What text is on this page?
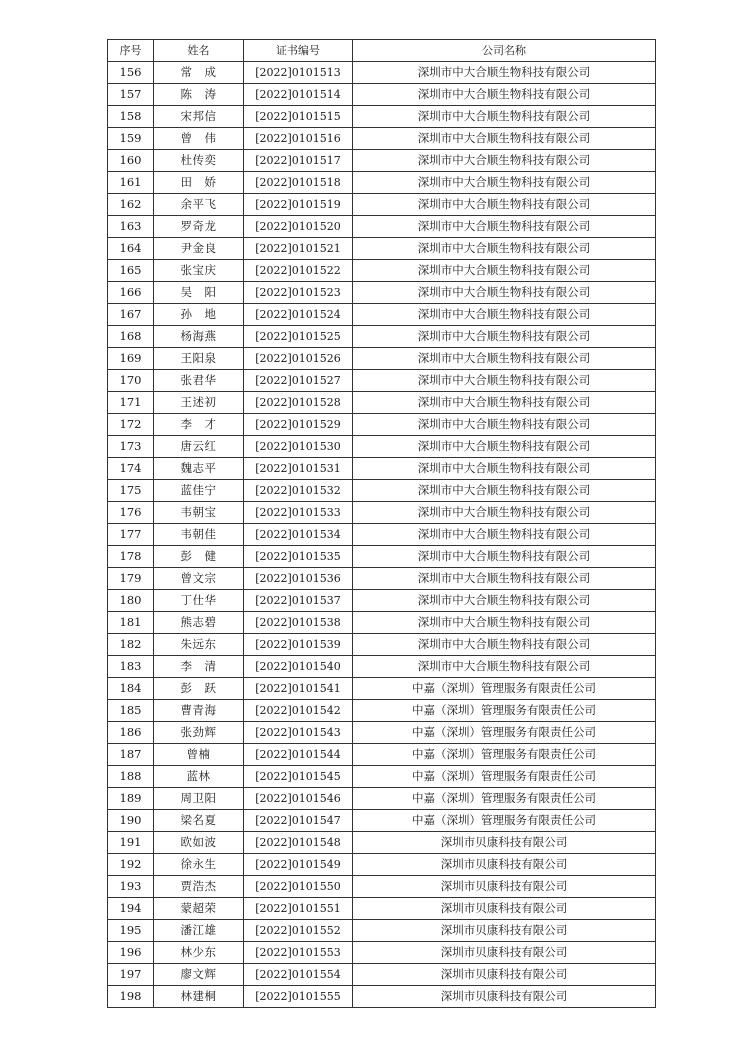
序号	姓名	证书编号	公司名称
156	常　成	[2022]0101513	深圳市中大合顺生物科技有限公司
157	陈　涛	[2022]0101514	深圳市中大合顺生物科技有限公司
158	宋邦信	[2022]0101515	深圳市中大合顺生物科技有限公司
159	曾　伟	[2022]0101516	深圳市中大合顺生物科技有限公司
160	杜传奕	[2022]0101517	深圳市中大合顺生物科技有限公司
161	田　娇	[2022]0101518	深圳市中大合顺生物科技有限公司
162	余平飞	[2022]0101519	深圳市中大合顺生物科技有限公司
163	罗奇龙	[2022]0101520	深圳市中大合顺生物科技有限公司
164	尹金良	[2022]0101521	深圳市中大合顺生物科技有限公司
165	张宝庆	[2022]0101522	深圳市中大合顺生物科技有限公司
166	吴　阳	[2022]0101523	深圳市中大合顺生物科技有限公司
167	孙　地	[2022]0101524	深圳市中大合顺生物科技有限公司
168	杨海燕	[2022]0101525	深圳市中大合顺生物科技有限公司
169	王阳泉	[2022]0101526	深圳市中大合顺生物科技有限公司
170	张君华	[2022]0101527	深圳市中大合顺生物科技有限公司
171	王述初	[2022]0101528	深圳市中大合顺生物科技有限公司
172	李　才	[2022]0101529	深圳市中大合顺生物科技有限公司
173	唐云红	[2022]0101530	深圳市中大合顺生物科技有限公司
174	魏志平	[2022]0101531	深圳市中大合顺生物科技有限公司
175	蓝佳宁	[2022]0101532	深圳市中大合顺生物科技有限公司
176	韦朝宝	[2022]0101533	深圳市中大合顺生物科技有限公司
177	韦朝佳	[2022]0101534	深圳市中大合顺生物科技有限公司
178	彭　健	[2022]0101535	深圳市中大合顺生物科技有限公司
179	曾文宗	[2022]0101536	深圳市中大合顺生物科技有限公司
180	丁仕华	[2022]0101537	深圳市中大合顺生物科技有限公司
181	熊志碧	[2022]0101538	深圳市中大合顺生物科技有限公司
182	朱远东	[2022]0101539	深圳市中大合顺生物科技有限公司
183	李　清	[2022]0101540	深圳市中大合顺生物科技有限公司
184	彭　跃	[2022]0101541	中嘉（深圳）管理服务有限责任公司
185	曹青海	[2022]0101542	中嘉（深圳）管理服务有限责任公司
186	张劲辉	[2022]0101543	中嘉（深圳）管理服务有限责任公司
187	曾楠	[2022]0101544	中嘉（深圳）管理服务有限责任公司
188	蓝林	[2022]0101545	中嘉（深圳）管理服务有限责任公司
189	周卫阳	[2022]0101546	中嘉（深圳）管理服务有限责任公司
190	梁名夏	[2022]0101547	中嘉（深圳）管理服务有限责任公司
191	欧如波	[2022]0101548	深圳市贝康科技有限公司
192	徐永生	[2022]0101549	深圳市贝康科技有限公司
193	贾浩杰	[2022]0101550	深圳市贝康科技有限公司
194	蒙超荣	[2022]0101551	深圳市贝康科技有限公司
195	潘江雄	[2022]0101552	深圳市贝康科技有限公司
196	林少东	[2022]0101553	深圳市贝康科技有限公司
197	廖文辉	[2022]0101554	深圳市贝康科技有限公司
198	林建桐	[2022]0101555	深圳市贝康科技有限公司
